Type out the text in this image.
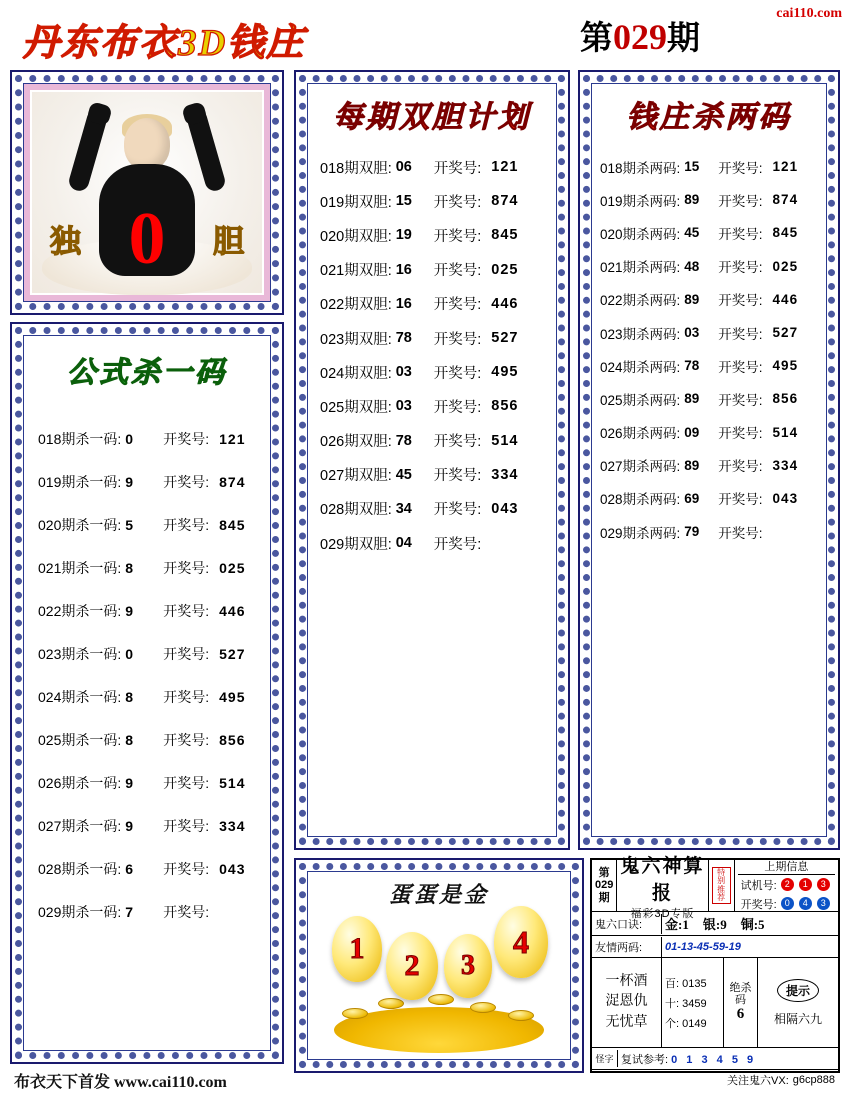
丹东布衣3D钱庄	第029期
cai110.com
0
独	胆
公式杀一码
018期杀一码: 0	开奖号: 121
019期杀一码: 9	开奖号: 874
020期杀一码: 5	开奖号: 845
021期杀一码: 8	开奖号: 025
022期杀一码: 9	开奖号: 446
023期杀一码: 0	开奖号: 527
024期杀一码: 8	开奖号: 495
025期杀一码: 8	开奖号: 856
026期杀一码: 9	开奖号: 514
027期杀一码: 9	开奖号: 334
028期杀一码: 6	开奖号: 043
029期杀一码: 7	开奖号:
每期双胆计划
018期双胆: 06	开奖号: 121
019期双胆: 15	开奖号: 874
020期双胆: 19	开奖号: 845
021期双胆: 16	开奖号: 025
022期双胆: 16	开奖号: 446
023期双胆: 78	开奖号: 527
024期双胆: 03	开奖号: 495
025期双胆: 03	开奖号: 856
026期双胆: 78	开奖号: 514
027期双胆: 45	开奖号: 334
028期双胆: 34	开奖号: 043
029期双胆: 04	开奖号:
钱庄杀两码
018期杀两码: 15	开奖号: 121
019期杀两码: 89	开奖号: 874
020期杀两码: 45	开奖号: 845
021期杀两码: 48	开奖号: 025
022期杀两码: 89	开奖号: 446
023期杀两码: 03	开奖号: 527
024期杀两码: 78	开奖号: 495
025期杀两码: 89	开奖号: 856
026期杀两码: 09	开奖号: 514
027期杀两码: 89	开奖号: 334
028期杀两码: 69	开奖号: 043
029期杀两码: 79	开奖号:
蛋蛋是金
1
2 3
4
第
029
期
鬼六神算报
福彩3D专版
特别推荐
上期信息
试机号: 2	1	3
开奖号: 0	4	3
鬼六口诀:	金:1 银:9 铜:5
友情两码:	01-13-45-59-19
一杯酒
浞恩仇
无忧草
百: 0135
十: 3459
个: 0149
绝杀码
6
提示
相隔六九
怪字 复试参考: 0 1 3 4 5 9
关注鬼六VX: g6cp888
布衣天下首发 www.cai110.com
